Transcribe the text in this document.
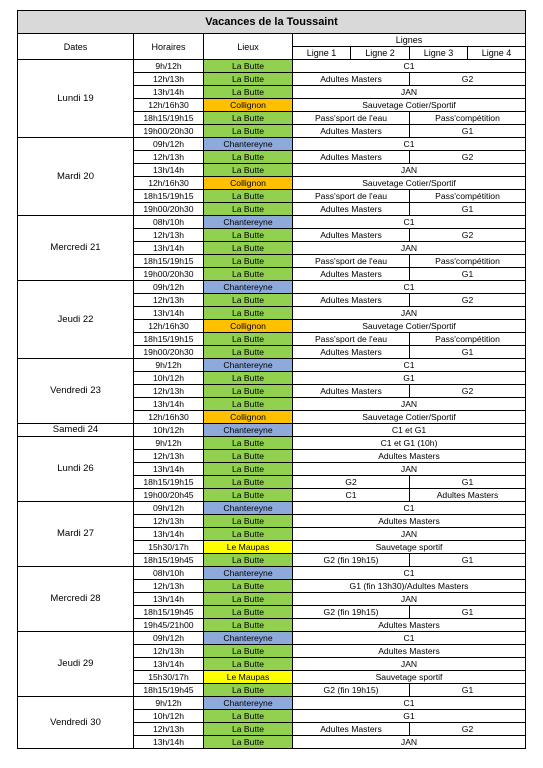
Vacances de la Toussaint						
Dates	Horaires	Lieux	Lignes			
			Ligne 1	Ligne 2	Ligne 3	Ligne 4
Lundi 19	9h/12h	La Butte	C1			
	12h/13h	La Butte	Adultes Masters		G2	
	13h/14h	La Butte	JAN			
	12h/16h30	Collignon	Sauvetage Cotier/Sportif			
	18h15/19h15	La Butte	Pass'sport de l'eau		Pass'compétition	
	19h00/20h30	La Butte	Adultes Masters		G1	
Mardi 20	09h/12h	Chantereyne	C1			
	12h/13h	La Butte	Adultes Masters		G2	
	13h/14h	La Butte	JAN			
	12h/16h30	Collignon	Sauvetage Cotier/Sportif			
	18h15/19h15	La Butte	Pass'sport de l'eau		Pass'compétition	
	19h00/20h30	La Butte	Adultes Masters		G1	
Mercredi 21	08h/10h	Chantereyne	C1			
	12h/13h	La Butte	Adultes Masters		G2	
	13h/14h	La Butte	JAN			
	18h15/19h15	La Butte	Pass'sport de l'eau		Pass'compétition	
	19h00/20h30	La Butte	Adultes Masters		G1	
Jeudi 22	09h/12h	Chantereyne	C1			
	12h/13h	La Butte	Adultes Masters		G2	
	13h/14h	La Butte	JAN			
	12h/16h30	Collignon	Sauvetage Cotier/Sportif			
	18h15/19h15	La Butte	Pass'sport de l'eau		Pass'compétition	
	19h00/20h30	La Butte	Adultes Masters		G1	
Vendredi 23	9h/12h	Chantereyne	C1			
	10h/12h	La Butte	G1			
	12h/13h	La Butte	Adultes Masters		G2	
	13h/14h	La Butte	JAN			
	12h/16h30	Collignon	Sauvetage Cotier/Sportif			
Samedi 24	10h/12h	Chantereyne	C1 et G1			
Lundi 26	9h/12h	La Butte	C1 et G1 (10h)			
	12h/13h	La Butte	Adultes Masters			
	13h/14h	La Butte	JAN			
	18h15/19h15	La Butte	G2		G1	
	19h00/20h45	La Butte	C1		Adultes Masters	
Mardi 27	09h/12h	Chantereyne	C1			
	12h/13h	La Butte	Adultes Masters			
	13h/14h	La Butte	JAN			
	15h30/17h	Le Maupas	Sauvetage sportif			
	18h15/19h45	La Butte	G2 (fin 19h15)		G1	
Mercredi 28	08h/10h	Chantereyne	C1			
	12h/13h	La Butte	G1 (fin 13h30)/Adultes Masters			
	13h/14h	La Butte	JAN			
	18h15/19h45	La Butte	G2 (fin 19h15)		G1	
	19h45/21h00	La Butte	Adultes Masters			
Jeudi 29	09h/12h	Chantereyne	C1			
	12h/13h	La Butte	Adultes Masters			
	13h/14h	La Butte	JAN			
	15h30/17h	Le Maupas	Sauvetage sportif			
	18h15/19h45	La Butte	G2 (fin 19h15)		G1	
Vendredi 30	9h/12h	Chantereyne	C1			
	10h/12h	La Butte	G1			
	12h/13h	La Butte	Adultes Masters		G2	
	13h/14h	La Butte	JAN			
